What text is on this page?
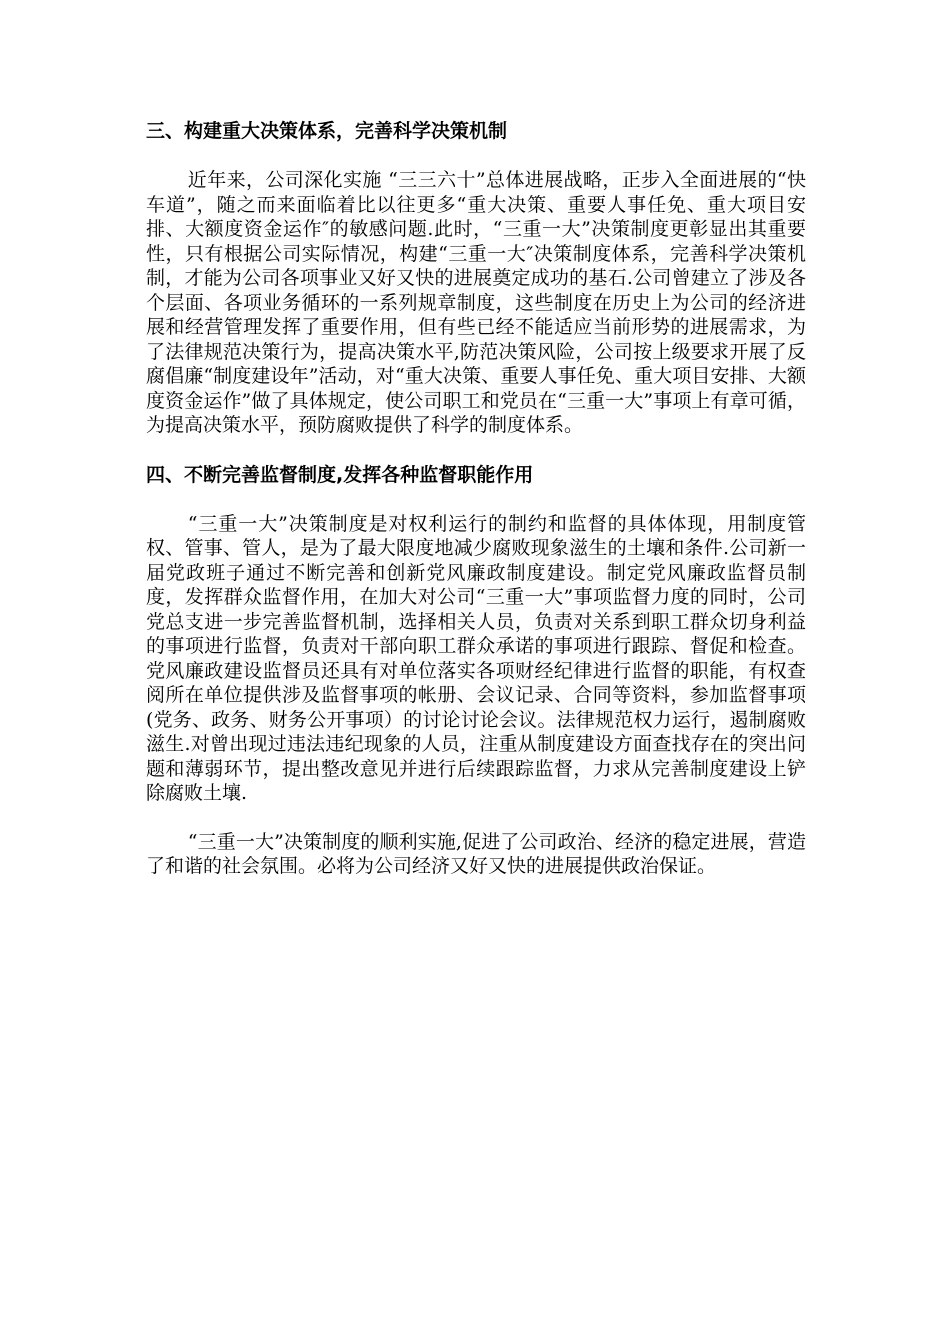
三、构建重大决策体系，完善科学决策机制

近年来，公司深化实施 “三三六十”总体进展战略，正步入全面进展的“快车道”，随之而来面临着比以往更多“重大决策、重要人事任免、重大项目安排、大额度资金运作″的敏感问题.此时，“三重一大”决策制度更彰显出其重要性，只有根据公司实际情况，构建“三重一大″决策制度体系，完善科学决策机制，才能为公司各项事业又好又快的进展奠定成功的基石.公司曾建立了涉及各个层面、各项业务循环的一系列规章制度，这些制度在历史上为公司的经济进展和经营管理发挥了重要作用，但有些已经不能适应当前形势的进展需求，为了法律规范决策行为，提高决策水平,防范决策风险，公司按上级要求开展了反腐倡廉“制度建设年”活动，对“重大决策、重要人事任免、重大项目安排、大额度资金运作”做了具体规定，使公司职工和党员在“三重一大”事项上有章可循，为提高决策水平，预防腐败提供了科学的制度体系。

四、不断完善监督制度,发挥各种监督职能作用

“三重一大”决策制度是对权利运行的制约和监督的具体体现，用制度管权、管事、管人，是为了最大限度地减少腐败现象滋生的土壤和条件.公司新一届党政班子通过不断完善和创新党风廉政制度建设。制定党风廉政监督员制度，发挥群众监督作用，在加大对公司“三重一大”事项监督力度的同时，公司党总支进一步完善监督机制，选择相关人员，负责对关系到职工群众切身利益的事项进行监督，负责对干部向职工群众承诺的事项进行跟踪、督促和检查。党风廉政建设监督员还具有对单位落实各项财经纪律进行监督的职能，有权查阅所在单位提供涉及监督事项的帐册、会议记录、合同等资料，参加监督事项(党务、政务、财务公开事项）的讨论讨论会议。法律规范权力运行，遏制腐败滋生.对曾出现过违法违纪现象的人员，注重从制度建设方面查找存在的突出问题和薄弱环节，提出整改意见并进行后续跟踪监督，力求从完善制度建设上铲除腐败土壤.

“三重一大”决策制度的顺利实施,促进了公司政治、经济的稳定进展，营造了和谐的社会氛围。必将为公司经济又好又快的进展提供政治保证。
